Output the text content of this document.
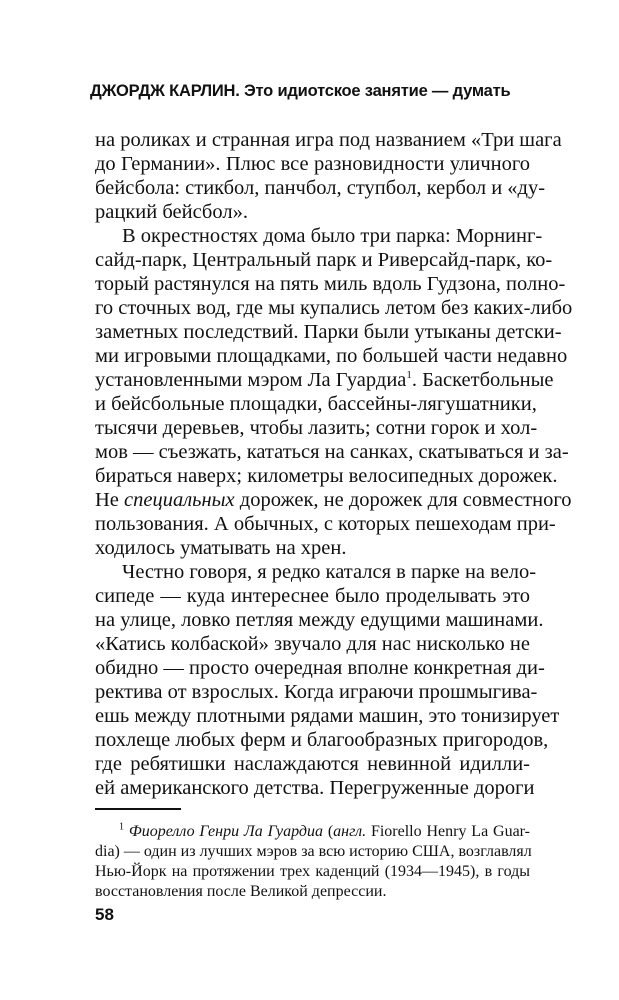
ДЖОРДЖ КАРЛИН. Это идиотское занятие — думать
на роликах и странная игра под названием «Три шага
до Германии». Плюс все разновидности уличного
бейсбола: стикбол, панчбол, ступбол, кербол и «ду-
рацкий бейсбол».
В окрестностях дома было три парка: Морнинг-
сайд-парк, Центральный парк и Риверсайд-парк, ко-
торый растянулся на пять миль вдоль Гудзона, полно-
го сточных вод, где мы купались летом без каких-либо
заметных последствий. Парки были утыканы детски-
ми игровыми площадками, по большей части недавно
установленными мэром Ла Гуардиа$^1$. Баскетбольные
и бейсбольные площадки, бассейны-лягушатники,
тысячи деревьев, чтобы лазить; сотни горок и хол-
мов — съезжать, кататься на санках, скатываться и за-
бираться наверх; километры велосипедных дорожек.
Не специальных дорожек, не дорожек для совместного
пользования. А обычных, с которых пешеходам при-
ходилось уматывать на хрен.
Честно говоря, я редко катался в парке на вело-
сипеде — куда интереснее было проделывать это
на улице, ловко петляя между едущими машинами.
«Катись колбаской» звучало для нас нисколько не
обидно — просто очередная вполне конкретная ди-
ректива от взрослых. Когда играючи прошмыгива-
ешь между плотными рядами машин, это тонизирует
похлеще любых ферм и благообразных пригородов,
где ребятишки наслаждаются невинной идилли-
ей американского детства. Перегруженные дороги
$^1$ Фиорелло Генри Ла Гуардиа (англ. Fiorello Henry La Guar-
dia) — один из лучших мэров за всю историю США, возглавлял
Нью-Йорк на протяжении трех каденций (1934—1945), в годы
восстановления после Великой депрессии.
58
